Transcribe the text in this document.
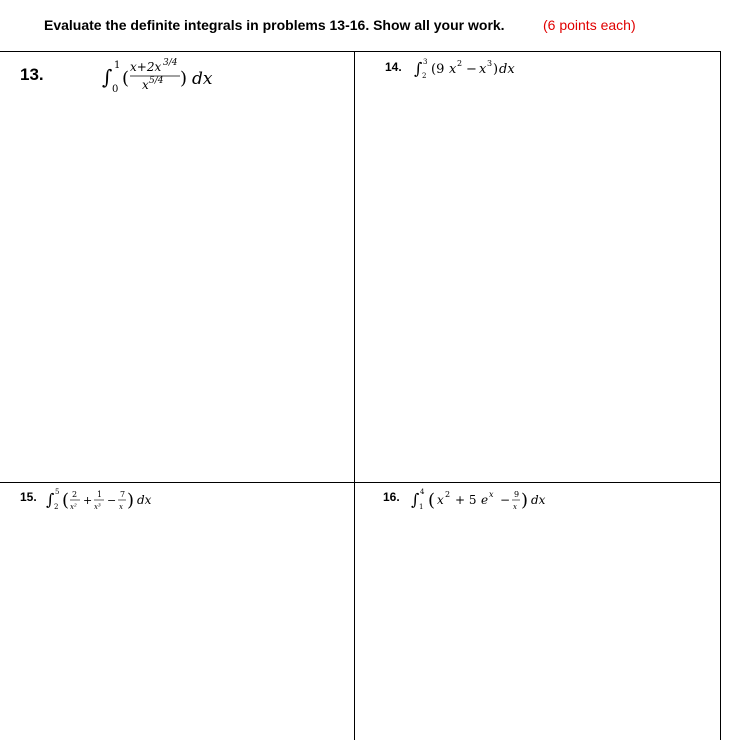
Evaluate the definite integrals in problems 13-16. Show all your work.	(6 points each)
13.	∫ 1
0
(
x+2x 3/4
x 5/4 ) dx
14. ∫ 3
2 (9 x 2 − x 3 ) dx
15. ∫ 5
2 ( 2
x² + 1
x³ − 7
x ) dx	16. ∫ 4
1 ( x 2 + 5 e x − 9
x ) dx
